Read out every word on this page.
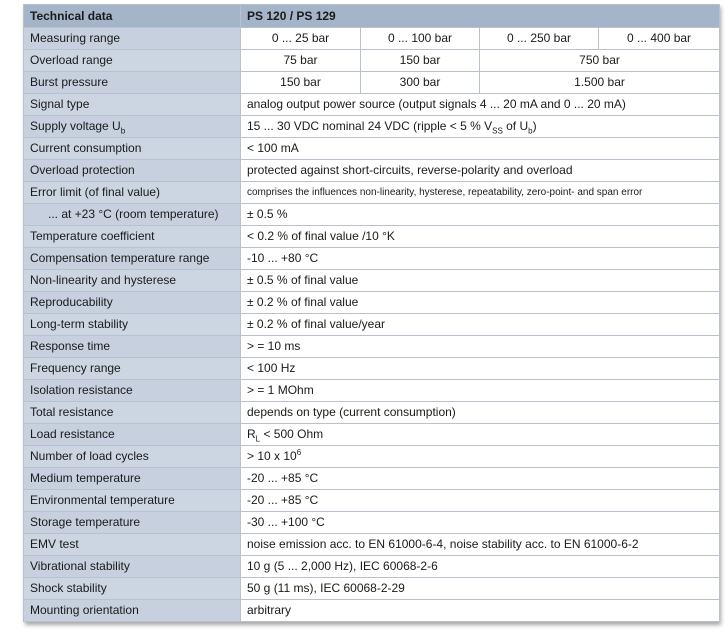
Technical data	PS 120 / PS 129			
Measuring range	0 ... 25 bar	0 ... 100 bar	0 ... 250 bar	0 ... 400 bar
Overload range	75 bar	150 bar	750 bar	
Burst pressure	150 bar	300 bar	1.500 bar	
Signal type	analog output power source (output signals 4 ... 20 mA and 0 ... 20 mA)			
Supply voltage $U_b$	15 ... 30 VDC nominal 24 VDC (ripple < 5 % $V_{SS}$ of $U_b$)			
Current consumption	< 100 mA			
Overload protection	protected against short-circuits, reverse-polarity and overload			
Error limit (of final value)	comprises the influences non-linearity, hysterese, repeatability, zero-point- and span error			
... at +23 °C (room temperature)	± 0.5 %			
Temperature coefficient	< 0.2 % of final value /10 °K			
Compensation temperature range	-10 ... +80 °C			
Non-linearity and hysterese	± 0.5 % of final value			
Reproducability	± 0.2 % of final value			
Long-term stability	± 0.2 % of final value/year			
Response time	> = 10 ms			
Frequency range	< 100 Hz			
Isolation resistance	> = 1 MOhm			
Total resistance	depends on type (current consumption)			
Load resistance	$R_L < 500$ Ohm			
Number of load cycles	> 10 x $10^6$
Medium temperature	-20 ... +85 °C			
Environmental temperature	-20 ... +85 °C			
Storage temperature	-30 ... +100 °C			
EMV test	noise emission acc. to EN 61000-6-4, noise stability acc. to EN 61000-6-2			
Vibrational stability	10 g (5 ... 2,000 Hz), IEC 60068-2-6			
Shock stability	50 g (11 ms), IEC 60068-2-29			
Mounting orientation	arbitrary			
